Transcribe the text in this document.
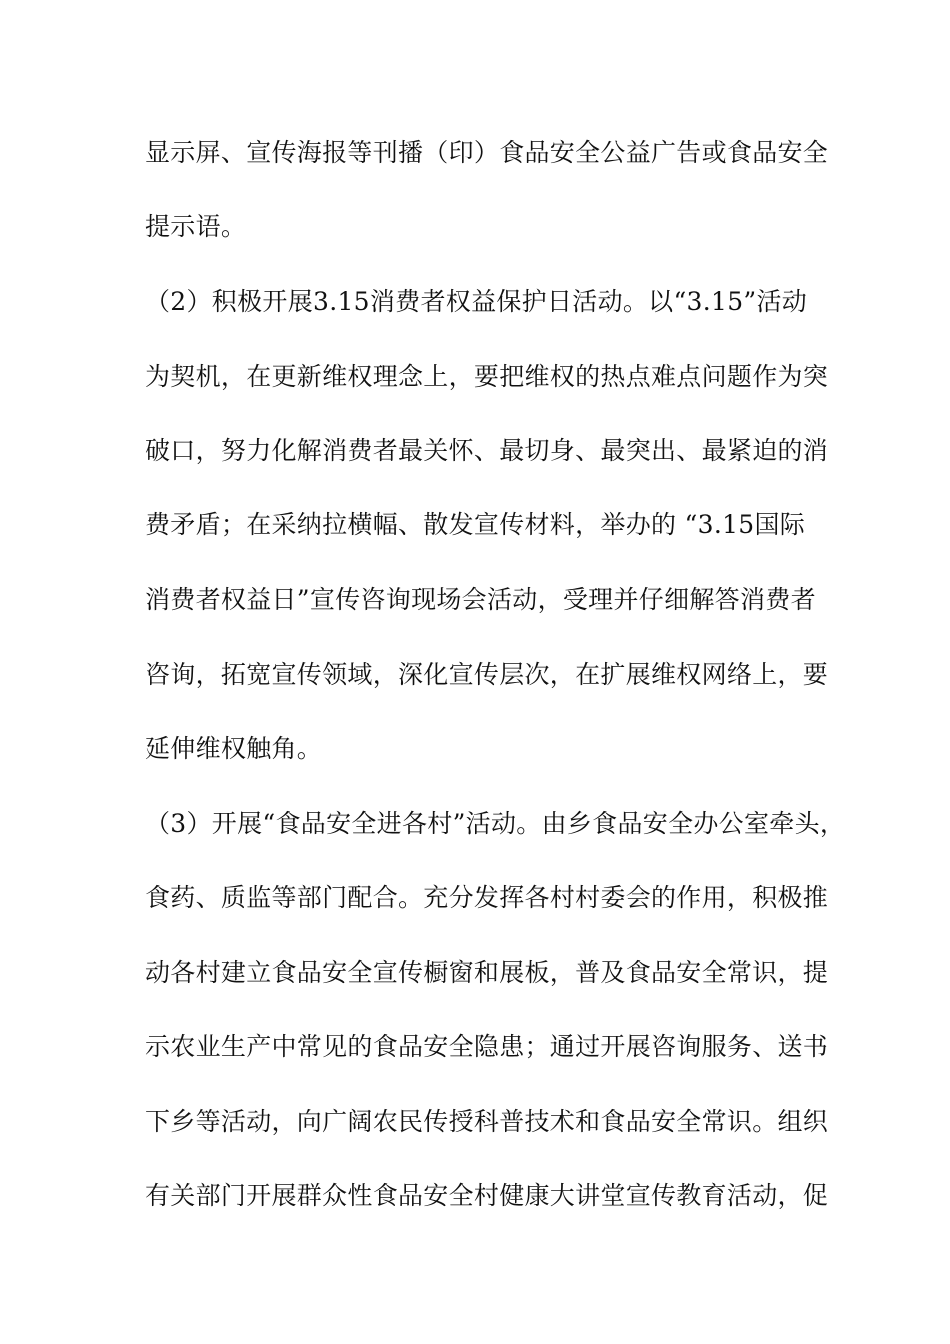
显示屏、宣传海报等刊播（印）食品安全公益广告或食品安全
提示语。
（2）积极开展3.15消费者权益保护日活动。以“3.15”活动
为契机，在更新维权理念上，要把维权的热点难点问题作为突
破口，努力化解消费者最关怀、最切身、最突出、最紧迫的消
费矛盾；在采纳拉横幅、散发宣传材料，举办的 “3.15国际
消费者权益日”宣传咨询现场会活动，受理并仔细解答消费者
咨询，拓宽宣传领域，深化宣传层次，在扩展维权网络上，要
延伸维权触角。
（3）开展“食品安全进各村”活动。由乡食品安全办公室牵头，
食药、质监等部门配合。充分发挥各村村委会的作用，积极推
动各村建立食品安全宣传橱窗和展板，普及食品安全常识，提
示农业生产中常见的食品安全隐患；通过开展咨询服务、送书
下乡等活动，向广阔农民传授科普技术和食品安全常识。组织
有关部门开展群众性食品安全村健康大讲堂宣传教育活动，促
